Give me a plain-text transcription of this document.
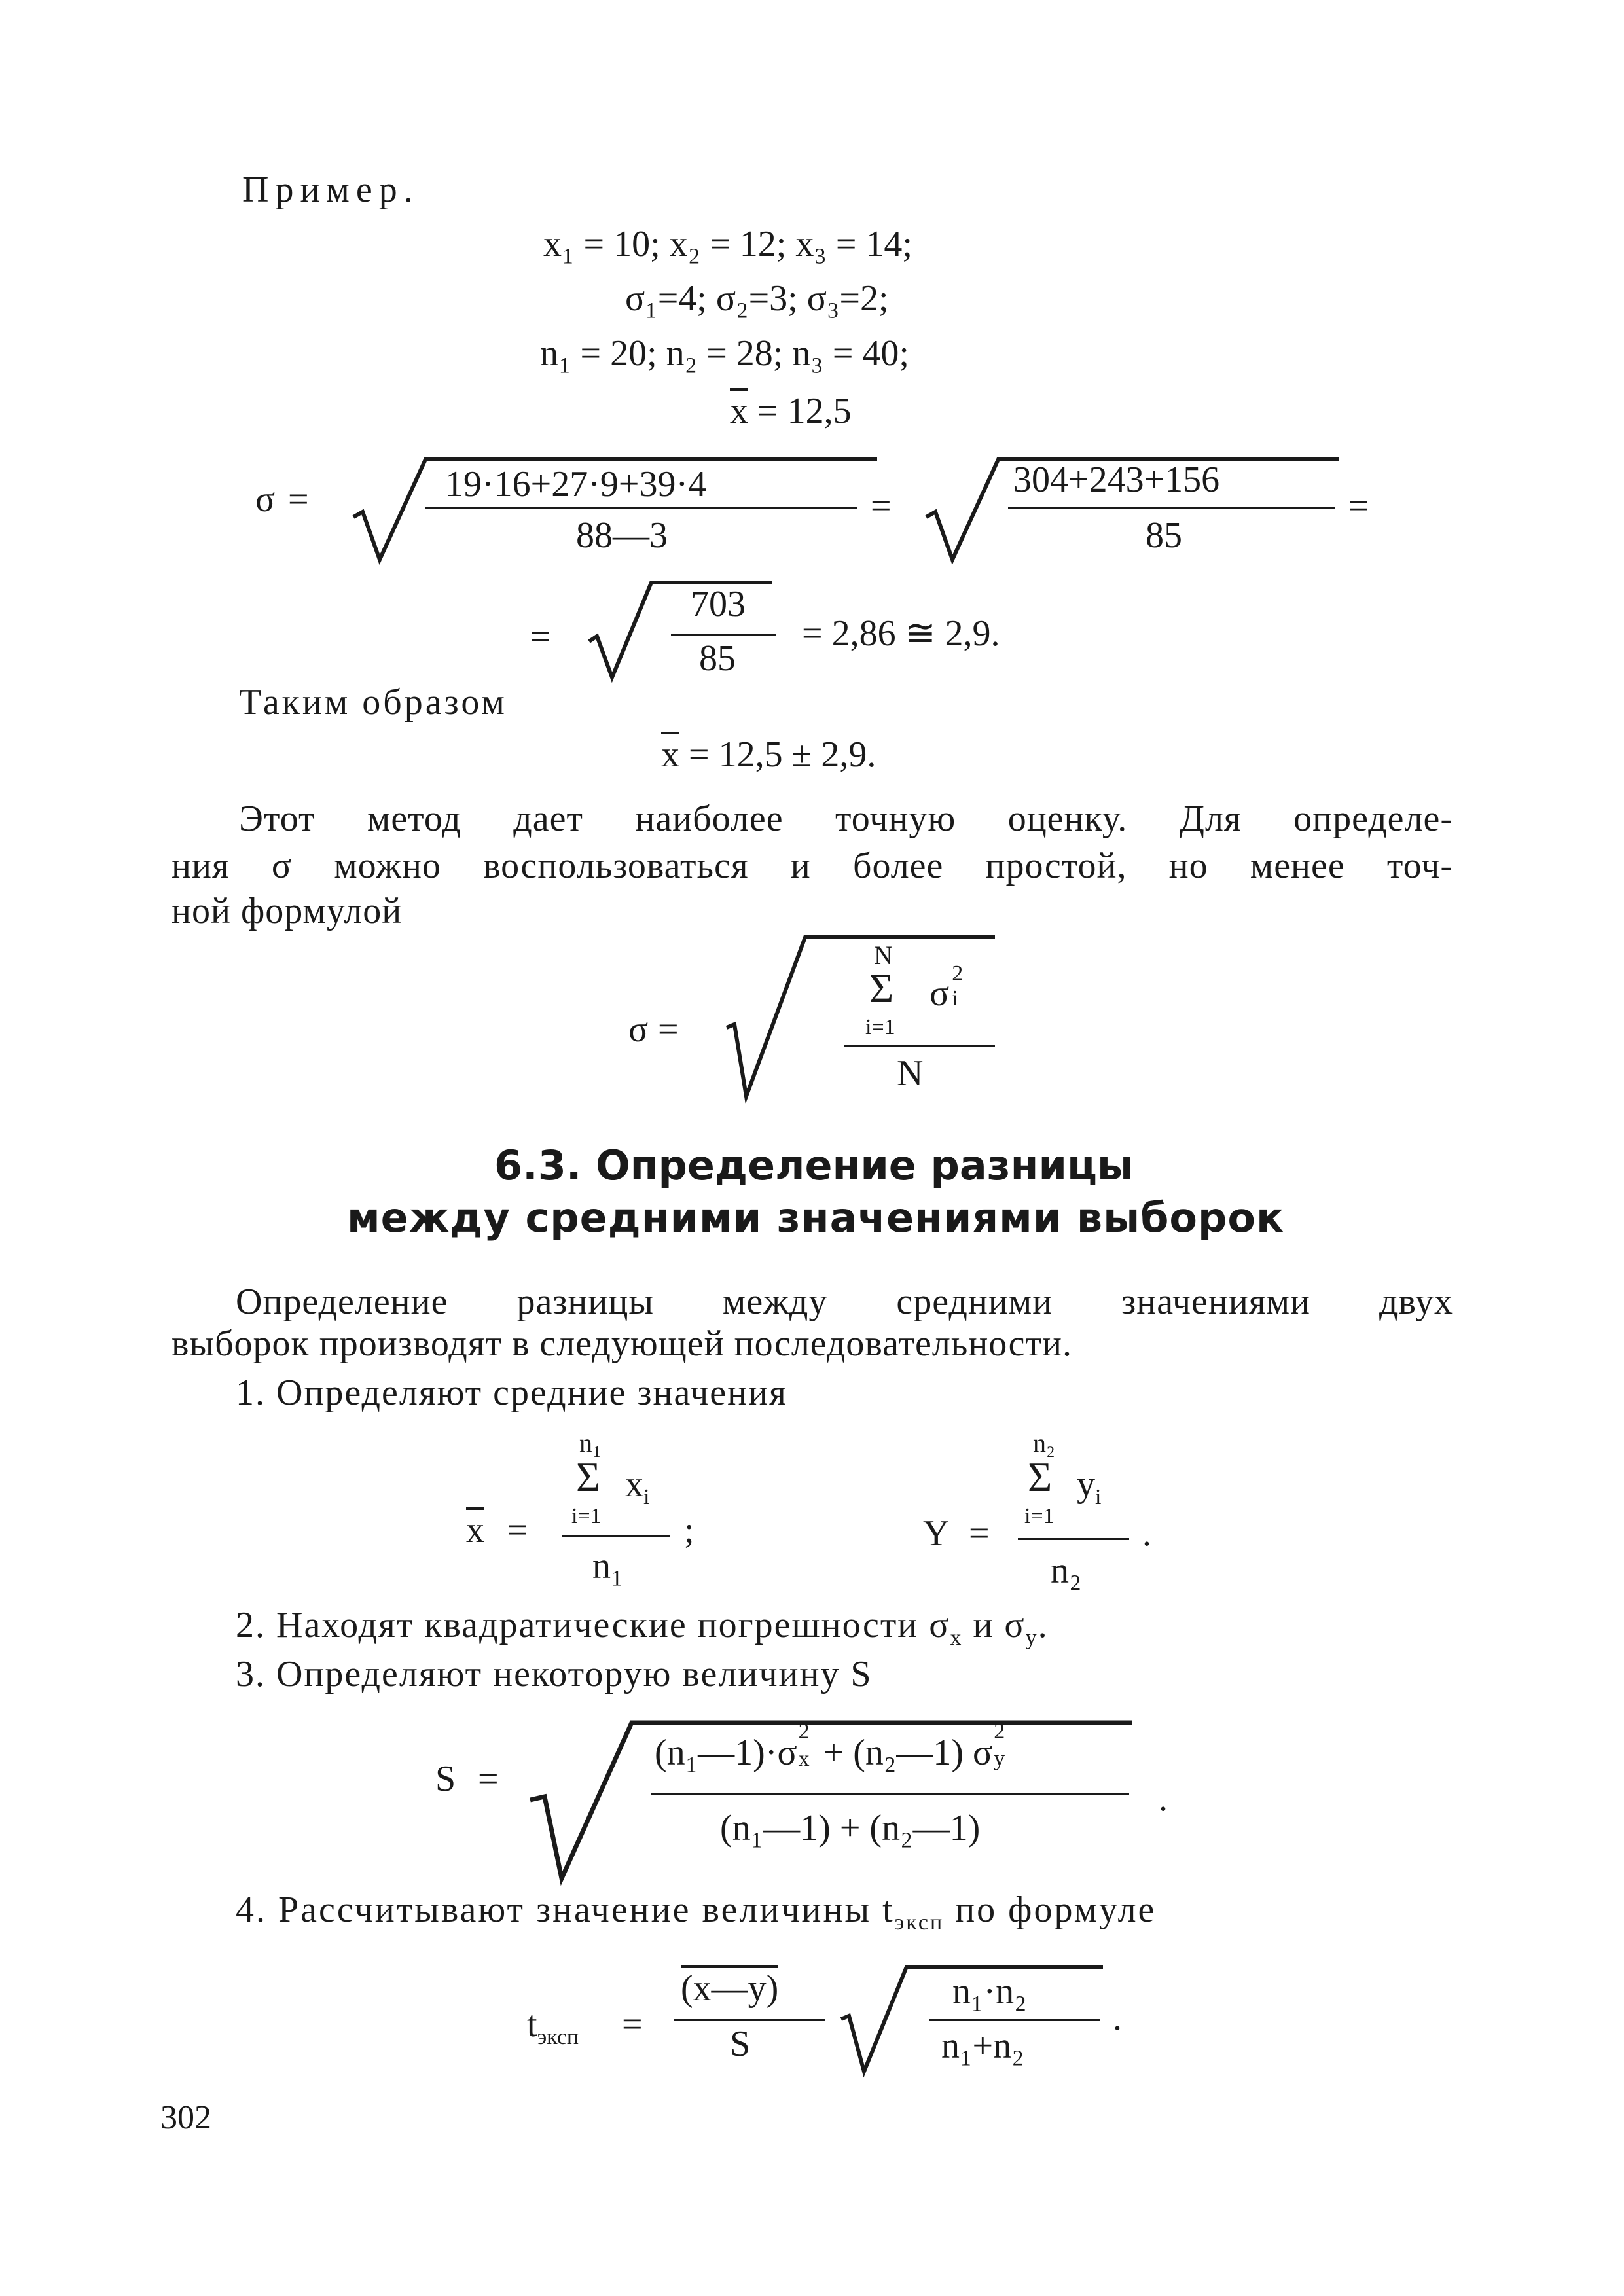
Пример.
x₁ = 10; x₂ = 12; x₃ = 14;
σ₁=4; σ₂=3; σ₃=2;
n₁ = 20; n₂ = 28; n₃ = 40;
x = 12,5
σ =	19·16+27·9+39·4
88—3
=
304+243+156
85
=
=
703
85
= 2,86 ≅ 2,9.
Таким образом
x = 12,5 ± 2,9.
Этот метод дает наиболее точную оценку. Для определе-
ния σ можно воспользоваться и более простой, но менее точ-
ной формулой
σ =
N
Σ
i=1
σ 2
i
N
6.3. Определение разницы
между средними значениями выборок
Определение разницы между средними значениями двух
выборок производят в следующей последовательности.
1. Определяют средние значения
n₁
Σ $x_i$
i=1
x =
n₁
;
n₂
Σ $y_i$
i=1
Y =
n₂
.
2. Находят квадратические погрешности $\sigma_x$ и $\sigma_y$.
3. Определяют некоторую величину S
S =
(n₁—1)·σ
2
x + (n₂—1) σ
2
y
(n₁—1) + (n₂—1)
.
4. Рассчитывают значение величины $t_{эксп}$ по формуле
$t_{эксп}$ =
(x—y)
S
n₁·n₂
n₁+n₂
.
302
